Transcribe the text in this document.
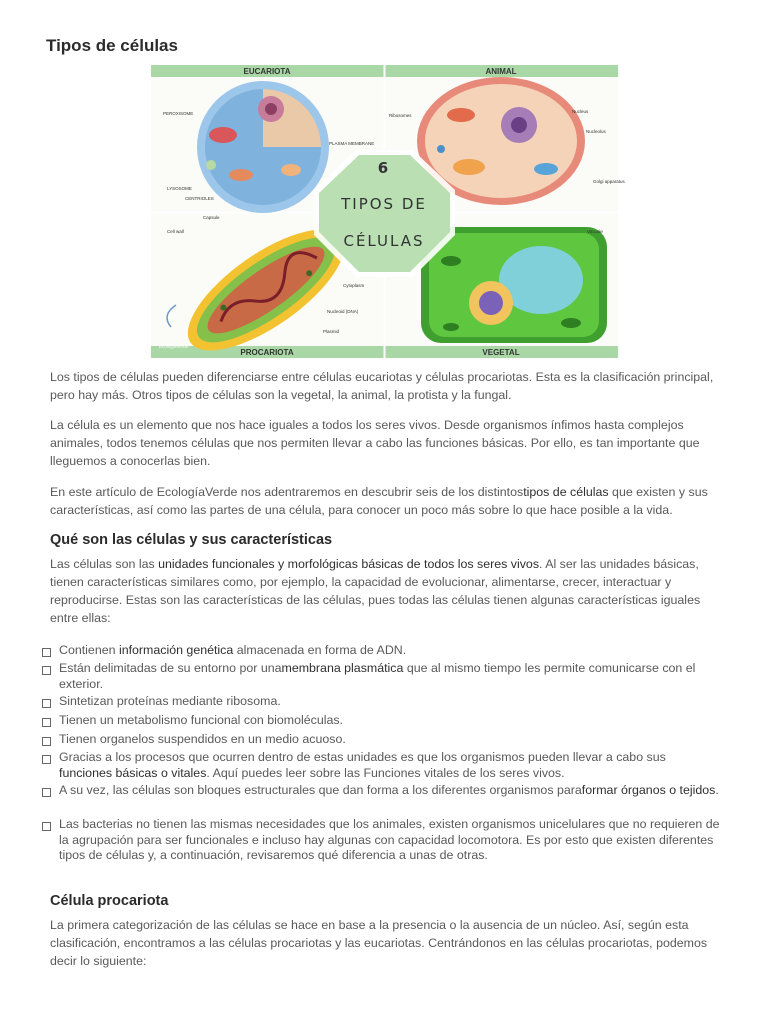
Tipos de células
EUCARIOTA	ANIMAL
PROCARIOTA	VEGETAL
6
TIPOS DE
CÉLULAS
Ribosomes
Nucleus
Nucleolus
Cytoplasm
Nucleoid (DNA)
Capsule
Cell wall	Vacuole
PLASMA MEMBRANE
PEROXISOME
LYSOSOME
CENTRIOLES
Golgi apparatus
Plasmid
EcologíaVerde

Los tipos de células pueden diferenciarse entre células eucariotas y células procariotas. Esta es la clasificación principal, pero hay más. Otros tipos de células son la vegetal, la animal, la protista y la fungal.

La célula es un elemento que nos hace iguales a todos los seres vivos. Desde organismos ínfimos hasta complejos animales, todos tenemos células que nos permiten llevar a cabo las funciones básicas. Por ello, es tan importante que lleguemos a conocerlas bien.

En este artículo de EcologíaVerde nos adentraremos en descubrir seis de los distintostipos de células que existen y sus características, así como las partes de una célula, para conocer un poco más sobre lo que hace posible a la vida.

Qué son las células y sus características

Las células son las unidades funcionales y morfológicas básicas de todos los seres vivos. Al ser las unidades básicas, tienen características similares como, por ejemplo, la capacidad de evolucionar, alimentarse, crecer, interactuar y reproducirse. Estas son las características de las células, pues todas las células tienen algunas características iguales entre ellas:

Contienen información genética almacenada en forma de ADN.
Están delimitadas de su entorno por unamembrana plasmática que al mismo tiempo les permite comunicarse con el exterior.
Sintetizan proteínas mediante ribosoma.
Tienen un metabolismo funcional con biomoléculas.
Tienen organelos suspendidos en un medio acuoso.
Gracias a los procesos que ocurren dentro de estas unidades es que los organismos pueden llevar a cabo sus funciones básicas o vitales. Aquí puedes leer sobre las Funciones vitales de los seres vivos.
A su vez, las células son bloques estructurales que dan forma a los diferentes organismos paraformar órganos o tejidos.
Las bacterias no tienen las mismas necesidades que los animales, existen organismos unicelulares que no requieren de la agrupación para ser funcionales e incluso hay algunas con capacidad locomotora. Es por esto que existen diferentes tipos de células y, a continuación, revisaremos qué diferencia a unas de otras.
Célula procariota

La primera categorización de las células se hace en base a la presencia o la ausencia de un núcleo. Así, según esta clasificación, encontramos a las células procariotas y las eucariotas. Centrándonos en las células procariotas, podemos decir lo siguiente:
